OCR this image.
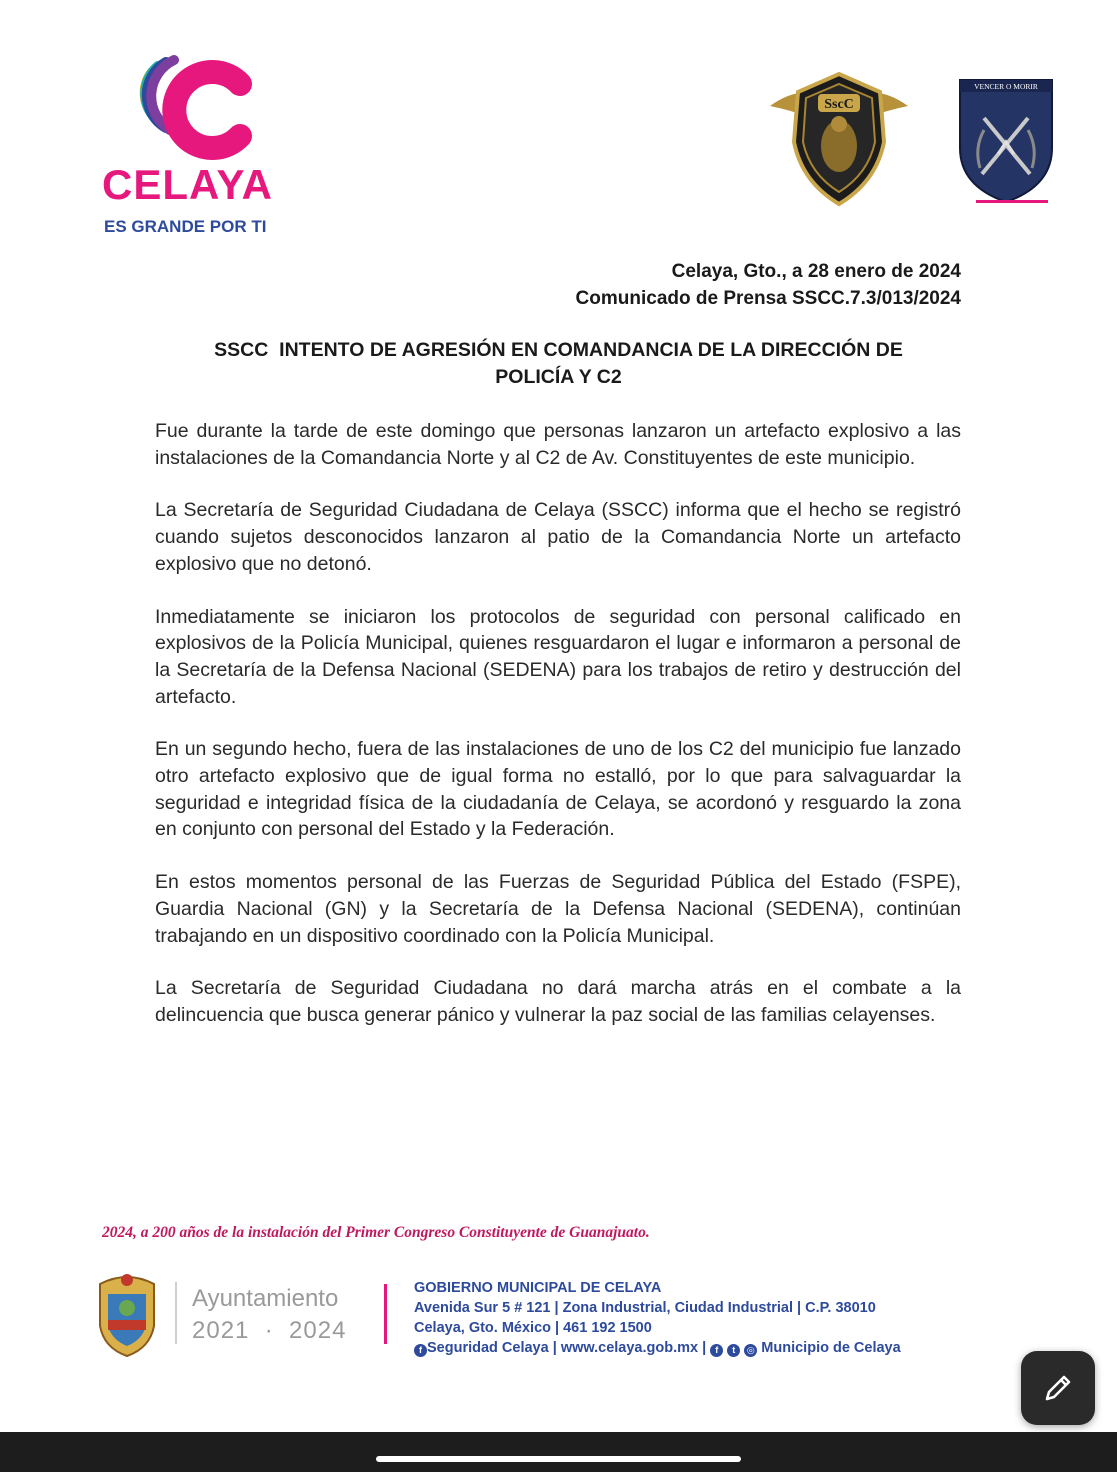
CELAYA
ES GRANDE POR TI
SscC
VENCER O MORIR
Celaya, Gto., a 28 enero de 2024
Comunicado de Prensa SSCC.7.3/013/2024
SSCC  INTENTO DE AGRESIÓN EN COMANDANCIA DE LA DIRECCIÓN DE
POLICÍA Y C2

Fue durante la tarde de este domingo que personas lanzaron un artefacto explosivo a las instalaciones de la Comandancia Norte y al C2 de Av. Constituyentes de este municipio.

La Secretaría de Seguridad Ciudadana de Celaya (SSCC) informa que el hecho se registró cuando sujetos desconocidos lanzaron al patio de la Comandancia Norte un artefacto explosivo que no detonó.

Inmediatamente se iniciaron los protocolos de seguridad con personal calificado en explosivos de la Policía Municipal, quienes resguardaron el lugar e informaron a personal de la Secretaría de la Defensa Nacional (SEDENA) para los trabajos de retiro y destrucción del artefacto.

En un segundo hecho, fuera de las instalaciones de uno de los C2 del municipio fue lanzado otro artefacto explosivo que de igual forma no estalló, por lo que para salvaguardar la seguridad e integridad física de la ciudadanía de Celaya, se acordonó y resguardo la zona en conjunto con personal del Estado y la Federación.

En estos momentos personal de las Fuerzas de Seguridad Pública del Estado (FSPE), Guardia Nacional (GN) y la Secretaría de la Defensa Nacional (SEDENA), continúan trabajando en un dispositivo coordinado con la Policía Municipal.

La Secretaría de Seguridad Ciudadana no dará marcha atrás en el combate a la delincuencia que busca generar pánico y vulnerar la paz social de las familias celayenses.

2024, a 200 años de la instalación del Primer Congreso Constituyente de Guanajuato.
Ayuntamiento
2021  ·  2024
GOBIERNO MUNICIPAL DE CELAYA
Avenida Sur 5 # 121 | Zona Industrial, Ciudad Industrial | C.P. 38010
Celaya, Gto. México | 461 192 1500
f Seguridad Celaya | www.celaya.gob.mx | f t ◎ Municipio de Celaya
